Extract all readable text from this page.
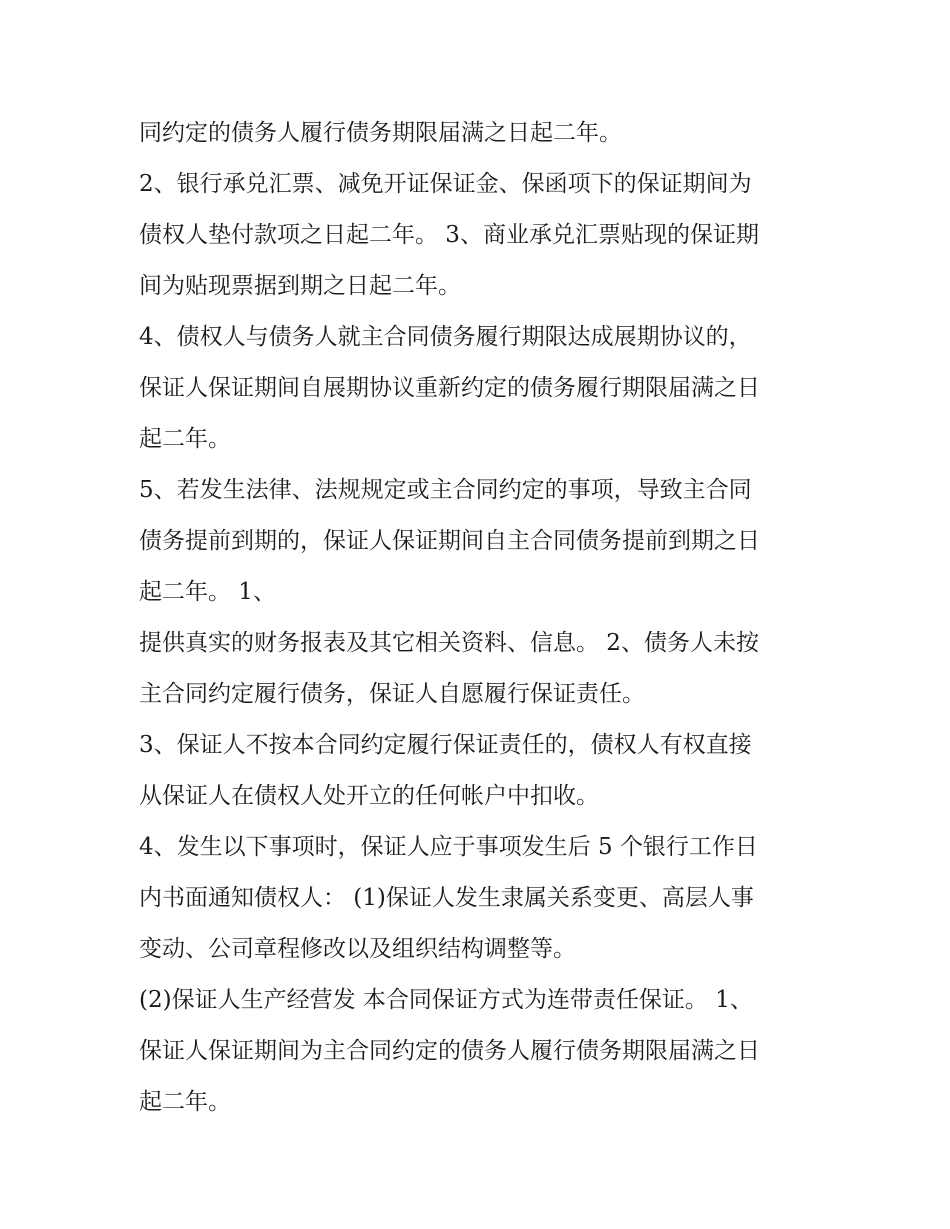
同约定的债务人履行债务期限届满之日起二年。
2、银行承兑汇票、减免开证保证金、保函项下的保证期间为
债权人垫付款项之日起二年。 3、商业承兑汇票贴现的保证期
间为贴现票据到期之日起二年。
4、债权人与债务人就主合同债务履行期限达成展期协议的，
保证人保证期间自展期协议重新约定的债务履行期限届满之日
起二年。
5、若发生法律、法规规定或主合同约定的事项，导致主合同
债务提前到期的，保证人保证期间自主合同债务提前到期之日
起二年。 1、
提供真实的财务报表及其它相关资料、信息。 2、债务人未按
主合同约定履行债务，保证人自愿履行保证责任。
3、保证人不按本合同约定履行保证责任的，债权人有权直接
从保证人在债权人处开立的任何帐户中扣收。
4、发生以下事项时，保证人应于事项发生后 5 个银行工作日
内书面通知债权人： (1)保证人发生隶属关系变更、高层人事
变动、公司章程修改以及组织结构调整等。
(2)保证人生产经营发 本合同保证方式为连带责任保证。 1、
保证人保证期间为主合同约定的债务人履行债务期限届满之日
起二年。
